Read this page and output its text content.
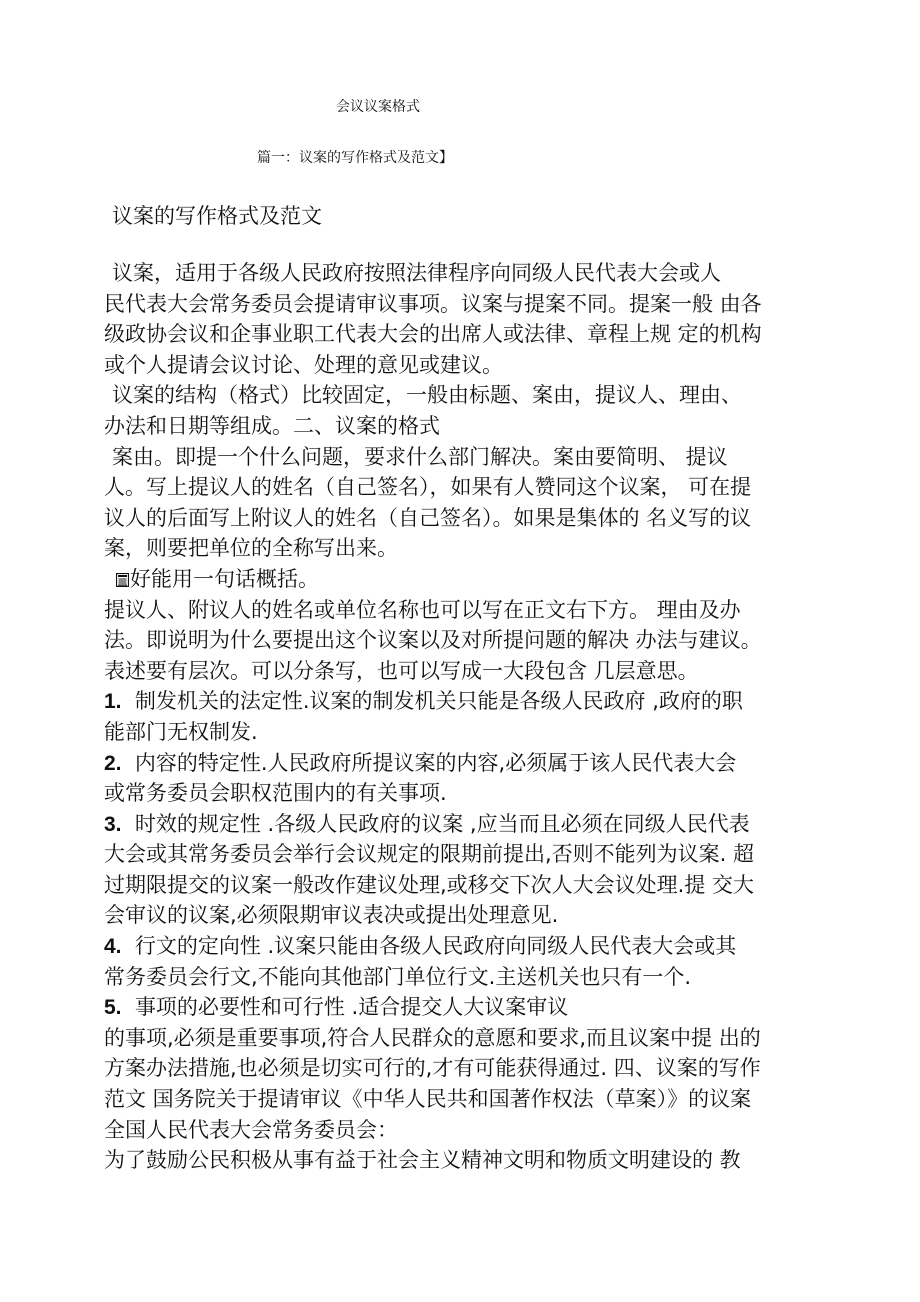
会议议案格式
篇一：议案的写作格式及范文】
议案的写作格式及范文
议案，适用于各级人民政府按照法律程序向同级人民代表大会或人
民代表大会常务委员会提请审议事项。议案与提案不同。提案一般 由各
级政协会议和企事业职工代表大会的出席人或法律、章程上规 定的机构
或个人提请会议讨论、处理的意见或建议。
议案的结构（格式）比较固定，一般由标题、案由，提议人、理由、
办法和日期等组成。二、议案的格式
案由。即提一个什么问题，要求什么部门解决。案由要简明、 提议
人。写上提议人的姓名（自己签名），如果有人赞同这个议案， 可在提
议人的后面写上附议人的姓名（自己签名）。如果是集体的 名义写的议
案，则要把单位的全称写出来。
好能用一句话概括。
提议人、附议人的姓名或单位名称也可以写在正文右下方。 理由及办
法。即说明为什么要提出这个议案以及对所提问题的解决 办法与建议。
表述要有层次。可以分条写，也可以写成一大段包含 几层意思。
1. 制发机关的法定性.议案的制发机关只能是各级人民政府 ,政府的职
能部门无权制发.
2. 内容的特定性.人民政府所提议案的内容,必须属于该人民代表大会
或常务委员会职权范围内的有关事项.
3. 时效的规定性 .各级人民政府的议案 ,应当而且必须在同级人民代表
大会或其常务委员会举行会议规定的限期前提出,否则不能列为议案. 超
过期限提交的议案一般改作建议处理,或移交下次人大会议处理.提 交大
会审议的议案,必须限期审议表决或提出处理意见.
4. 行文的定向性 .议案只能由各级人民政府向同级人民代表大会或其
常务委员会行文,不能向其他部门单位行文.主送机关也只有一个.
5. 事项的必要性和可行性 .适合提交人大议案审议
的事项,必须是重要事项,符合人民群众的意愿和要求,而且议案中提 出的
方案办法措施,也必须是切实可行的,才有可能获得通过. 四、议案的写作
范文 国务院关于提请审议《中华人民共和国著作权法（草案）》的议案
全国人民代表大会常务委员会：
为了鼓励公民积极从事有益于社会主义精神文明和物质文明建设的 教
